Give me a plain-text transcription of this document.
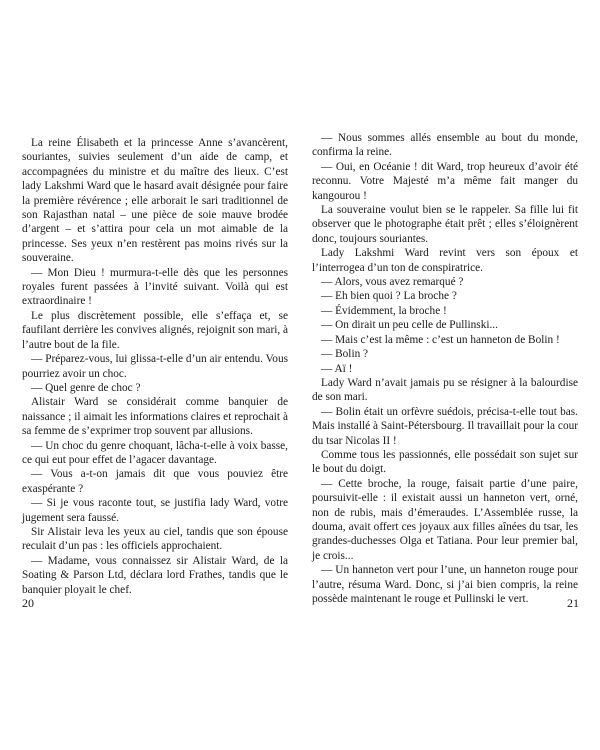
La reine Élisabeth et la princesse Anne s’avancèrent, souriantes, suivies seulement d’un aide de camp, et accompagnées du ministre et du maître des lieux. C’est lady Lakshmi Ward que le hasard avait désignée pour faire la première révérence ; elle arborait le sari traditionnel de son Rajasthan natal – une pièce de soie mauve brodée d’argent – et s’attira pour cela un mot aimable de la princesse. Ses yeux n’en restèrent pas moins rivés sur la souveraine.

— Mon Dieu ! murmura-t-elle dès que les personnes royales furent passées à l’invité suivant. Voilà qui est extraordinaire !

Le plus discrètement possible, elle s’effaça et, se faufilant derrière les convives alignés, rejoignit son mari, à l’autre bout de la file.

— Préparez-vous, lui glissa-t-elle d’un air entendu. Vous pourriez avoir un choc.

— Quel genre de choc ?

Alistair Ward se considérait comme banquier de naissance ; il aimait les informations claires et reprochait à sa femme de s’exprimer trop souvent par allusions.

— Un choc du genre choquant, lâcha-t-elle à voix basse, ce qui eut pour effet de l’agacer davantage.

— Vous a-t-on jamais dit que vous pouviez être exaspérante ?

— Si je vous raconte tout, se justifia lady Ward, votre jugement sera faussé.

Sir Alistair leva les yeux au ciel, tandis que son épouse reculait d’un pas : les officiels approchaient.

— Madame, vous connaissez sir Alistair Ward, de la Soating & Parson Ltd, déclara lord Frathes, tandis que le banquier ployait le chef.

20

— Nous sommes allés ensemble au bout du monde, confirma la reine.

— Oui, en Océanie ! dit Ward, trop heureux d’avoir été reconnu. Votre Majesté m’a même fait manger du kangourou !

La souveraine voulut bien se le rappeler. Sa fille lui fit observer que le photographe était prêt ; elles s’éloignèrent donc, toujours souriantes.

Lady Lakshmi Ward revint vers son époux et l’interrogea d’un ton de conspiratrice.

— Alors, vous avez remarqué ?

— Eh bien quoi ? La broche ?

— Évidemment, la broche !

— On dirait un peu celle de Pullinski...

— Mais c’est la même : c’est un hanneton de Bolin !

— Bolin ?

— Aï !

Lady Ward n’avait jamais pu se résigner à la balourdise de son mari.

— Bolin était un orfèvre suédois, précisa-t-elle tout bas. Mais installé à Saint-Pétersbourg. Il travaillait pour la cour du tsar Nicolas II !

Comme tous les passionnés, elle possédait son sujet sur le bout du doigt.

— Cette broche, la rouge, faisait partie d’une paire, poursuivit-elle : il existait aussi un hanneton vert, orné, non de rubis, mais d’émeraudes. L’Assemblée russe, la douma, avait offert ces joyaux aux filles aînées du tsar, les grandes-duchesses Olga et Tatiana. Pour leur premier bal, je crois...

— Un hanneton vert pour l’une, un hanneton rouge pour l’autre, résuma Ward. Donc, si j’ai bien compris, la reine possède maintenant le rouge et Pullinski le vert.	21
